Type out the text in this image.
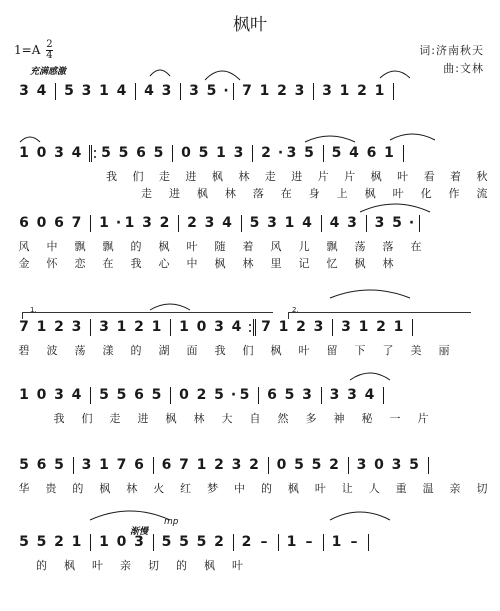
枫叶
$1=A \frac{2}{4}$	词:济南秋天
曲:文林
充满感激
1.	2.
渐慢
mp
3 4 5 3 1 4 4 3 3 5 · 7 1 2 3 3 1 2 1
1 0 3 4 5 5 6 5 0 5 1 3 2 · 3 5 5 4 6 1
我 们 走 进 枫 林 走 进 片 片 枫 叶 看 着 秋
走 进 枫 林 落 在 身 上 枫 叶 化 作 流
6 0 6 7 1 · 1 3 2 2 3 4 5 3 1 4 4 3 3 5 ·
风 中 飘 飘 的 枫 叶 随 着 风 儿 飘 荡 落 在
金 怀 恋 在 我 心 中 枫 林 里 记 忆 枫 林
7 1 2 3 3 1 2 1 1 0 3 4 7 1 2 3 3 1 2 1
碧 波 荡 漾 的 湖 面 我 们 枫 叶 留 下 了 美 丽
1 0 3 4 5 5 6 5 0 2 5 · 5 6 5 3 3 3 4
我 们 走 进 枫 林 大 自 然 多 神 秘 一 片
5 6 5 3 1 7 6 6 7 1 2 3 2 0 5 5 2 3 0 3 5
华 贵 的 枫 林 火 红 梦 中 的 枫 叶 让 人 重 温 亲 切
5 5 2 1 1 0 3 5 5 5 2 2 – 1 – 1 –
的 枫 叶 亲 切 的 枫 叶
